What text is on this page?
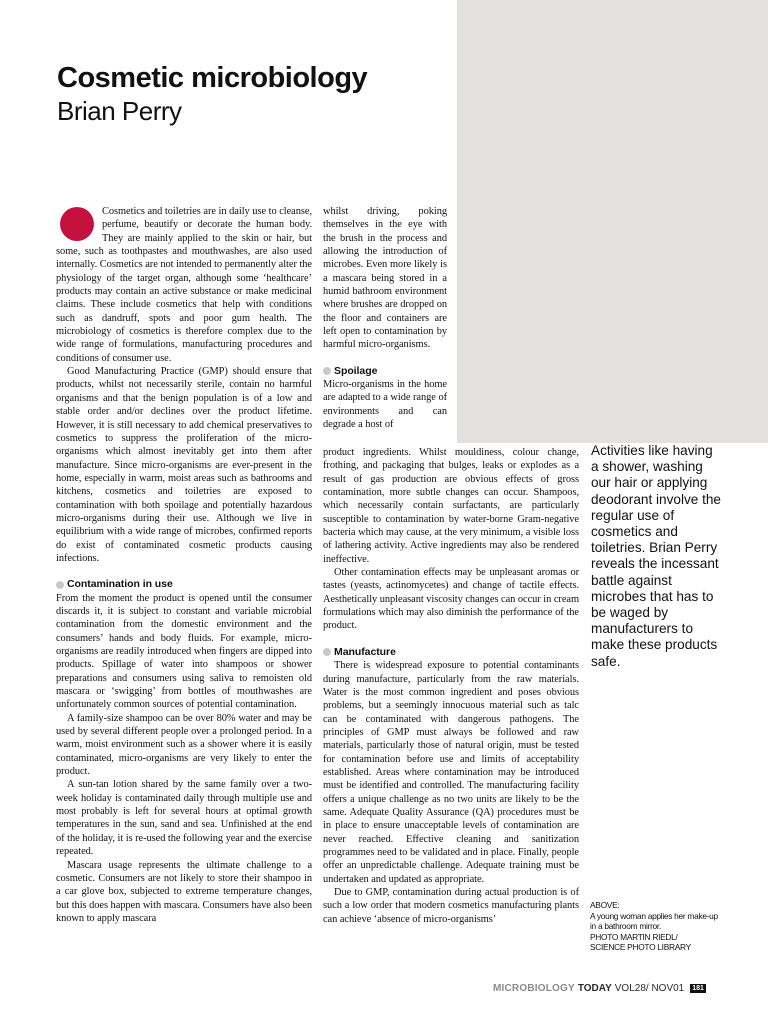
Cosmetic microbiology
Brian Perry

Cosmetics and toiletries are in daily use to cleanse, perfume, beautify or decorate the human body. They are mainly applied to the skin or hair, but some, such as toothpastes and mouthwashes, are also used internally. Cosmetics are not intended to permanently alter the physiology of the target organ, although some ‘healthcare’ products may contain an active substance or make medicinal claims. These include cosmetics that help with conditions such as dandruff, spots and poor gum health. The microbiology of cosmetics is therefore complex due to the wide range of formulations, manufacturing procedures and conditions of consumer use.

Good Manufacturing Practice (GMP) should ensure that products, whilst not necessarily sterile, contain no harmful organisms and that the benign population is of a low and stable order and/or declines over the product lifetime. However, it is still necessary to add chemical preservatives to cosmetics to suppress the proliferation of the micro-organisms which almost inevitably get into them after manufacture. Since micro-organisms are ever-present in the home, especially in warm, moist areas such as bathrooms and kitchens, cosmetics and toiletries are exposed to contamination with both spoilage and potentially hazardous micro-organisms during their use. Although we live in equilibrium with a wide range of microbes, confirmed reports do exist of contaminated cosmetic products causing infections.

Contamination in use

From the moment the product is opened until the consumer discards it, it is subject to constant and variable microbial contamination from the domestic environment and the consumers’ hands and body fluids. For example, micro-organisms are readily introduced when fingers are dipped into products. Spillage of water into shampoos or shower preparations and consumers using saliva to remoisten old mascara or ‘swigging’ from bottles of mouthwashes are unfortunately common sources of potential contamination.

A family-size shampoo can be over 80% water and may be used by several different people over a prolonged period. In a warm, moist environment such as a shower where it is easily contaminated, micro-organisms are very likely to enter the product.

A sun-tan lotion shared by the same family over a two-week holiday is contaminated daily through multiple use and most probably is left for several hours at optimal growth temperatures in the sun, sand and sea. Unfinished at the end of the holiday, it is re-used the following year and the exercise repeated.

Mascara usage represents the ultimate challenge to a cosmetic. Consumers are not likely to store their shampoo in a car glove box, subjected to extreme temperature changes, but this does happen with mascara. Consumers have also been known to apply mascara

whilst driving, poking themselves in the eye with the brush in the process and allowing the introduction of microbes. Even more likely is a mascara being stored in a humid bathroom environment where brushes are dropped on the floor and containers are left open to contamination by harmful micro-organisms.

Spoilage

Micro-organisms in the home are adapted to a wide range of environments and can degrade a host of

product ingredients. Whilst mouldiness, colour change, frothing, and packaging that bulges, leaks or explodes as a result of gas production are obvious effects of gross contamination, more subtle changes can occur. Shampoos, which necessarily contain surfactants, are particularly susceptible to contamination by water-borne Gram-negative bacteria which may cause, at the very minimum, a visible loss of lathering activity. Active ingredients may also be rendered ineffective.

Other contamination effects may be unpleasant aromas or tastes (yeasts, actinomycetes) and change of tactile effects. Aesthetically unpleasant viscosity changes can occur in cream formulations which may also diminish the performance of the product.

Manufacture

There is widespread exposure to potential contaminants during manufacture, particularly from the raw materials. Water is the most common ingredient and poses obvious problems, but a seemingly innocuous material such as talc can be contaminated with dangerous pathogens. The principles of GMP must always be followed and raw materials, particularly those of natural origin, must be tested for contamination before use and limits of acceptability established. Areas where contamination may be introduced must be identified and controlled. The manufacturing facility offers a unique challenge as no two units are likely to be the same. Adequate Quality Assurance (QA) procedures must be in place to ensure unacceptable levels of contamination are never reached. Effective cleaning and sanitization programmes need to be validated and in place. Finally, people offer an unpredictable challenge. Adequate training must be undertaken and updated as appropriate.

Due to GMP, contamination during actual production is of such a low order that modern cosmetics manufacturing plants can achieve ‘absence of micro-organisms’

Activities like having a shower, washing our hair or applying deodorant involve the regular use of cosmetics and toiletries. Brian Perry reveals the incessant battle against microbes that has to be waged by manufacturers to make these products safe.

ABOVE:
A young woman applies her make-up in a bathroom mirror.
PHOTO MARTIN RIEDL/
SCIENCE PHOTO LIBRARY
MICROBIOLOGY TODAY VOL28/ NOV01 181
